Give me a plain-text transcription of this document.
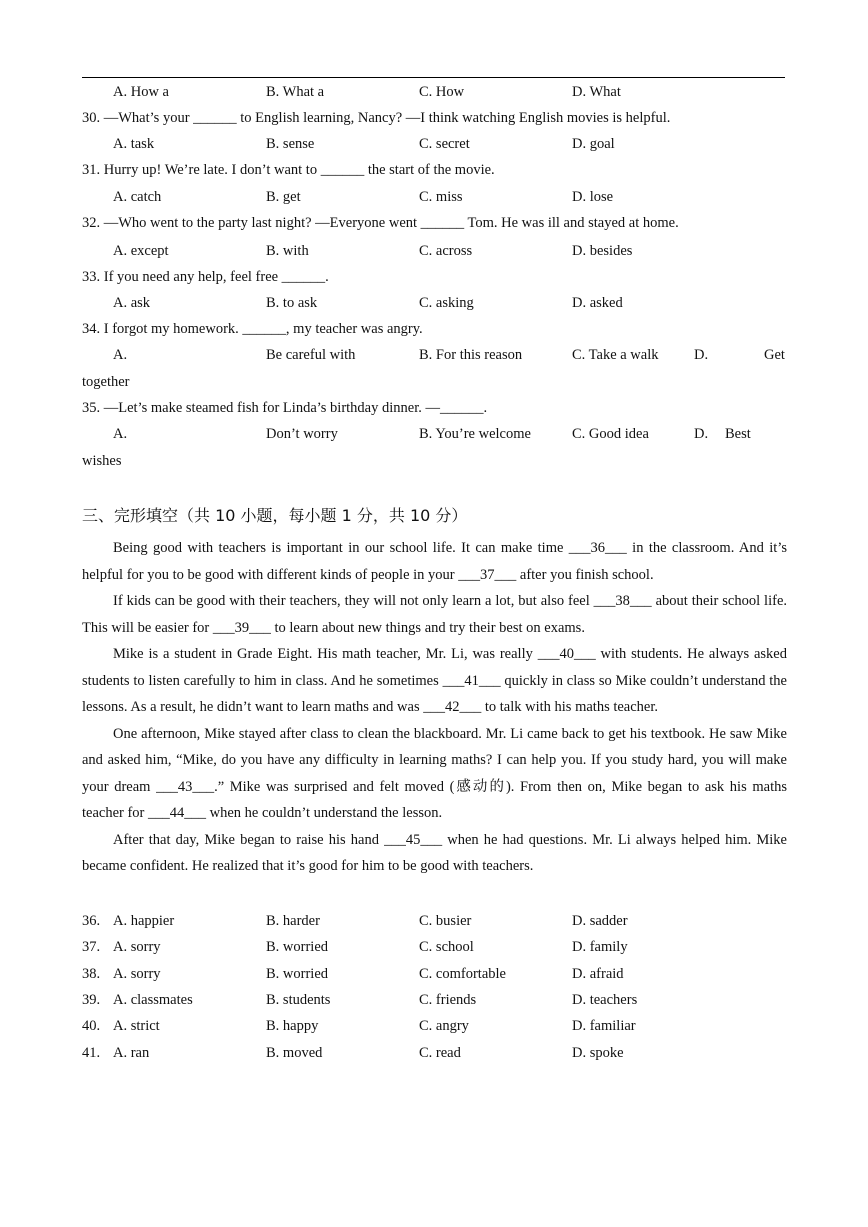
A. How a	B. What a	C. How	D. What
30. —What’s your ______ to English learning, Nancy? —I think watching English movies is helpful.
A. task	B. sense	C. secret	D. goal
31. Hurry up! We’re late. I don’t want to ______ the start of the movie.
A. catch	B. get	C. miss	D. lose
32. —Who went to the party last night? —Everyone went ______ Tom. He was ill and stayed at home.
A. except	B. with	C. across	D. besides
33. If you need any help, feel free ______.
A. ask	B. to ask	C. asking	D. asked
34. I forgot my homework. ______, my teacher was angry.
A.	Be careful with	B. For this reason	C. Take a walk D.	Get
together
35. —Let’s make steamed fish for Linda’s birthday dinner. —______.
A.	Don’t worry	B. You’re welcome	C. Good idea	D. Best
wishes
三、完形填空（共 10 小题，每小题 1 分，共 10 分）

Being good with teachers is important in our school life. It can make time ___36___ in the classroom. And it’s helpful for you to be good with different kinds of people in your ___37___ after you finish school.

If kids can be good with their teachers, they will not only learn a lot, but also feel ___38___ about their school life. This will be easier for ___39___ to learn about new things and try their best on exams.

Mike is a student in Grade Eight. His math teacher, Mr. Li, was really ___40___ with students. He always asked students to listen carefully to him in class. And he sometimes ___41___ quickly in class so Mike couldn’t understand the lessons. As a result, he didn’t want to learn maths and was ___42___ to talk with his maths teacher.

One afternoon, Mike stayed after class to clean the blackboard. Mr. Li came back to get his textbook. He saw Mike and asked him, “Mike, do you have any difficulty in learning maths? I can help you. If you study hard, you will make your dream ___43___.” Mike was surprised and felt moved (感动的). From then on, Mike began to ask his maths teacher for ___44___ when he couldn’t understand the lesson.

After that day, Mike began to raise his hand ___45___ when he had questions. Mr. Li always helped him. Mike became confident. He realized that it’s good for him to be good with teachers.

36. A. happier	B. harder	C. busier	D. sadder
37. A. sorry	B. worried	C. school	D. family
38. A. sorry	B. worried	C. comfortable	D. afraid
39. A. classmates	B. students	C. friends	D. teachers
40. A. strict	B. happy	C. angry	D. familiar
41. A. ran	B. moved	C. read	D. spoke
